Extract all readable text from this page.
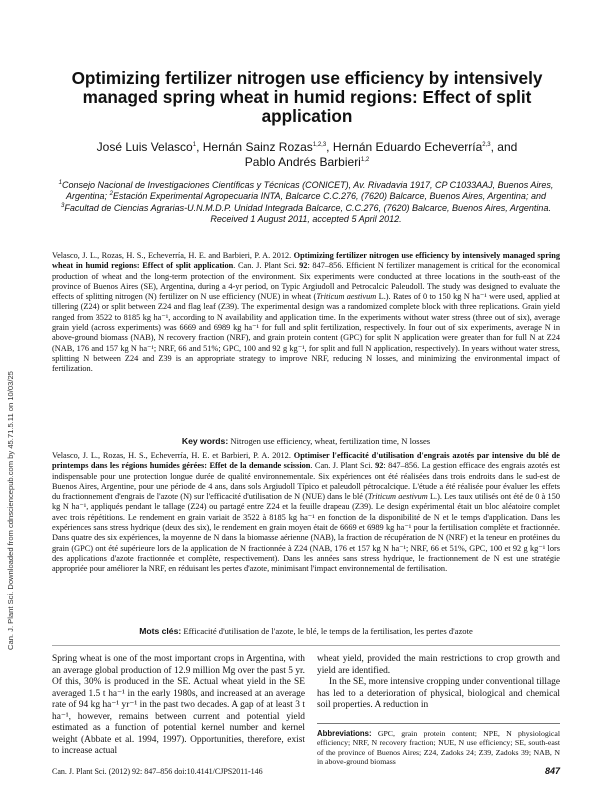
Can. J. Plant Sci. Downloaded from cdnsciencepub.com by 45.71.5.11 on 10/03/25
Optimizing fertilizer nitrogen use efficiency by intensively managed spring wheat in humid regions: Effect of split application
José Luis Velasco$^1$, Hernán Sainz Rozas$^{1,2,3}$, Hernán Eduardo Echeverría$^{2,3}$, and
Pablo Andrés Barbieri$^{1,2}$
$^1$Consejo Nacional de Investigaciones Científicas y Técnicas (CONICET), Av. Rivadavia 1917, CP C1033AAJ, Buenos Aires, Argentina; $^2$Estación Experimental Agropecuaria INTA, Balcarce C.C.276, (7620) Balcarce, Buenos Aires, Argentina; and $^3$Facultad de Ciencias Agrarias-U.N.M.D.P. Unidad Integrada Balcarce, C.C.276, (7620) Balcarce, Buenos Aires, Argentina. Received 1 August 2011, accepted 5 April 2012.

Velasco, J. L., Rozas, H. S., Echeverría, H. E. and Barbieri, P. A. 2012. Optimizing fertilizer nitrogen use efficiency by intensively managed spring wheat in humid regions: Effect of split application. Can. J. Plant Sci. 92: 847–856. Efficient N fertilizer management is critical for the economical production of wheat and the long-term protection of the environment. Six experiments were conducted at three locations in the south-east of the province of Buenos Aires (SE), Argentina, during a 4-yr period, on Typic Argiudoll and Petrocalcic Paleudoll. The study was designed to evaluate the effects of splitting nitrogen (N) fertilizer on N use efficiency (NUE) in wheat (Triticum aestivum L.). Rates of 0 to 150 kg N ha⁻¹ were used, applied at tillering (Z24) or split between Z24 and flag leaf (Z39). The experimental design was a randomized complete block with three replications. Grain yield ranged from 3522 to 8185 kg ha⁻¹, according to N availability and application time. In the experiments without water stress (three out of six), average grain yield (across experiments) was 6669 and 6989 kg ha⁻¹ for full and split fertilization, respectively. In four out of six experiments, average N in above-ground biomass (NAB), N recovery fraction (NRF), and grain protein content (GPC) for split N application were greater than for full N at Z24 (NAB, 176 and 157 kg N ha⁻¹; NRF, 66 and 51%; GPC, 100 and 92 g kg⁻¹, for split and full N application, respectively). In years without water stress, splitting N between Z24 and Z39 is an appropriate strategy to improve NRF, reducing N losses, and minimizing the environmental impact of fertilization.

Key words: Nitrogen use efficiency, wheat, fertilization time, N losses

Velasco, J. L., Rozas, H. S., Echeverría, H. E. et Barbieri, P. A. 2012. Optimiser l'efficacité d'utilisation d'engrais azotés par intensive du blé de printemps dans les régions humides gérées: Effet de la demande scission. Can. J. Plant Sci. 92: 847–856. La gestion efficace des engrais azotés est indispensable pour une protection longue durée de qualité environnementale. Six expériences ont été réalisées dans trois endroits dans le sud-est de Buenos Aires, Argentine, pour une période de 4 ans, dans sols Argiudoll Típico et paleudoll pétrocalcique. L'étude a été réalisée pour évaluer les effets du fractionnement d'engrais de l'azote (N) sur l'efficacité d'utilisation de N (NUE) dans le blé (Triticum aestivum L.). Les taux utilisés ont été de 0 à 150 kg N ha⁻¹, appliqués pendant le tallage (Z24) ou partagé entre Z24 et la feuille drapeau (Z39). Le design expérimental était un bloc aléatoire complet avec trois répétitions. Le rendement en grain variait de 3522 à 8185 kg ha⁻¹ en fonction de la disponibilité de N et le temps d'application. Dans les expériences sans stress hydrique (deux des six), le rendement en grain moyen était de 6669 et 6989 kg ha⁻¹ pour la fertilisation complète et fractionnée. Dans quatre des six expériences, la moyenne de N dans la biomasse aérienne (NAB), la fraction de récupération de N (NRF) et la teneur en protéines du grain (GPC) ont été supérieure lors de la application de N fractionnée à Z24 (NAB, 176 et 157 kg N ha⁻¹; NRF, 66 et 51%, GPC, 100 et 92 g kg⁻¹ lors des applications d'azote fractionnée et complète, respectivement). Dans les années sans stress hydrique, le fractionnement de N est une stratégie appropriée pour améliorer la NRF, en réduisant les pertes d'azote, minimisant l'impact environnemental de fertilisation.

Mots clés: Efficacité d'utilisation de l'azote, le blé, le temps de la fertilisation, les pertes d'azote

Spring wheat is one of the most important crops in Argentina, with an average global production of 12.9 million Mg over the past 5 yr. Of this, 30% is produced in the SE. Actual wheat yield in the SE averaged 1.5 t ha⁻¹ in the early 1980s, and increased at an average rate of 94 kg ha⁻¹ yr⁻¹ in the past two decades. A gap of at least 3 t ha⁻¹, however, remains between current and potential yield estimated as a function of potential kernel number and kernel weight (Abbate et al. 1994, 1997). Opportunities, therefore, exist to increase actual

wheat yield, provided the main restrictions to crop growth and yield are identified.

In the SE, more intensive cropping under conventional tillage has led to a deterioration of physical, biological and chemical soil properties. A reduction in

Abbreviations: GPC, grain protein content; NPE, N physiological efficiency; NRF, N recovery fraction; NUE, N use efficiency; SE, south-east of the province of Buenos Aires; Z24, Zadoks 24; Z39, Zadoks 39; NAB, N in above-ground biomass
Can. J. Plant Sci. (2012) 92: 847–856 doi:10.4141/CJPS2011-146	847
